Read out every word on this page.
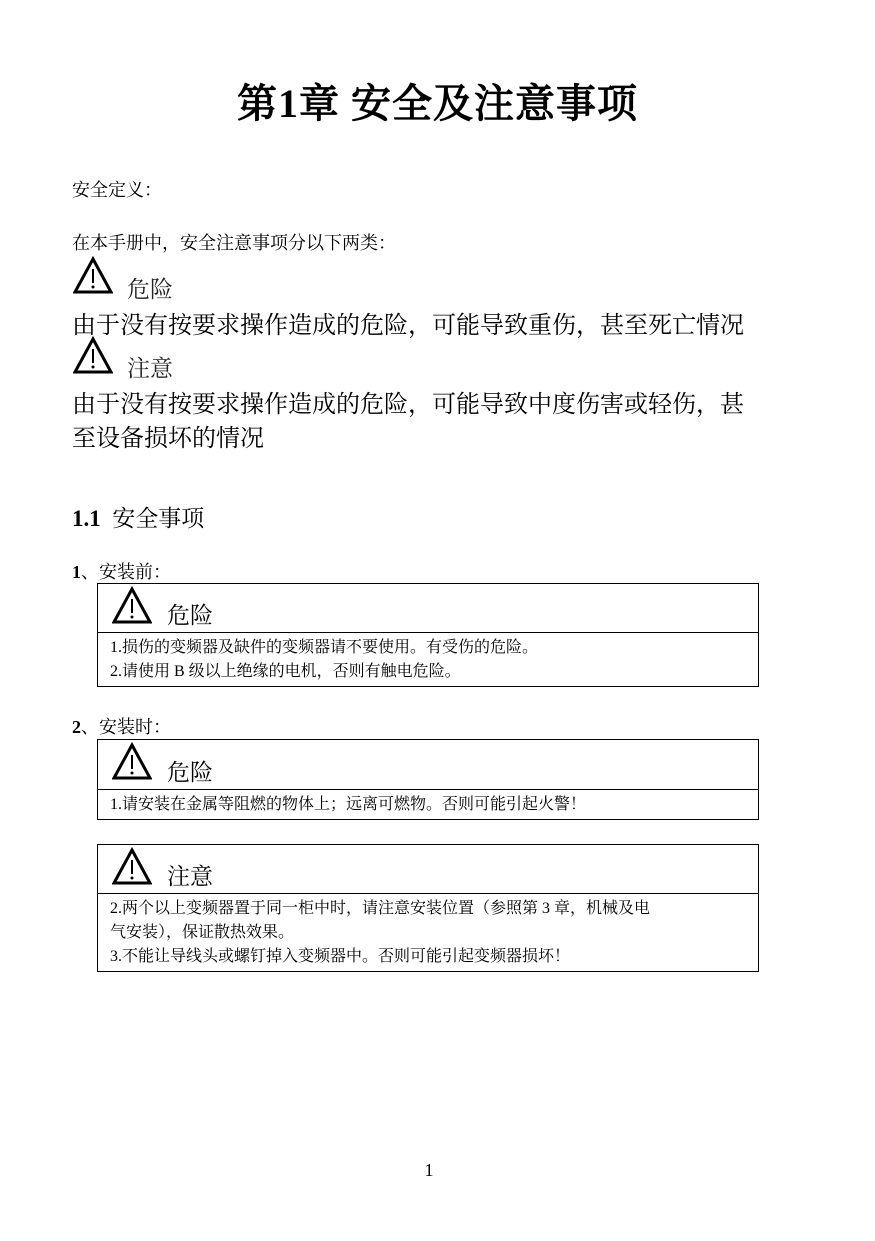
第1章 安全及注意事项
安全定义：
在本手册中，安全注意事项分以下两类：
危险
由于没有按要求操作造成的危险，可能导致重伤，甚至死亡情况
注意
由于没有按要求操作造成的危险，可能导致中度伤害或轻伤，甚
至设备损坏的情况
1.1 安全事项
1、安装前：
危险
1.损伤的变频器及缺件的变频器请不要使用。有受伤的危险。
2.请使用 B 级以上绝缘的电机，否则有触电危险。
2、安装时：
危险
1.请安装在金属等阻燃的物体上；远离可燃物。否则可能引起火警！
注意
2.两个以上变频器置于同一柜中时，请注意安装位置（参照第 3 章，机械及电
气安装），保证散热效果。
3.不能让导线头或螺钉掉入变频器中。否则可能引起变频器损坏！
1
